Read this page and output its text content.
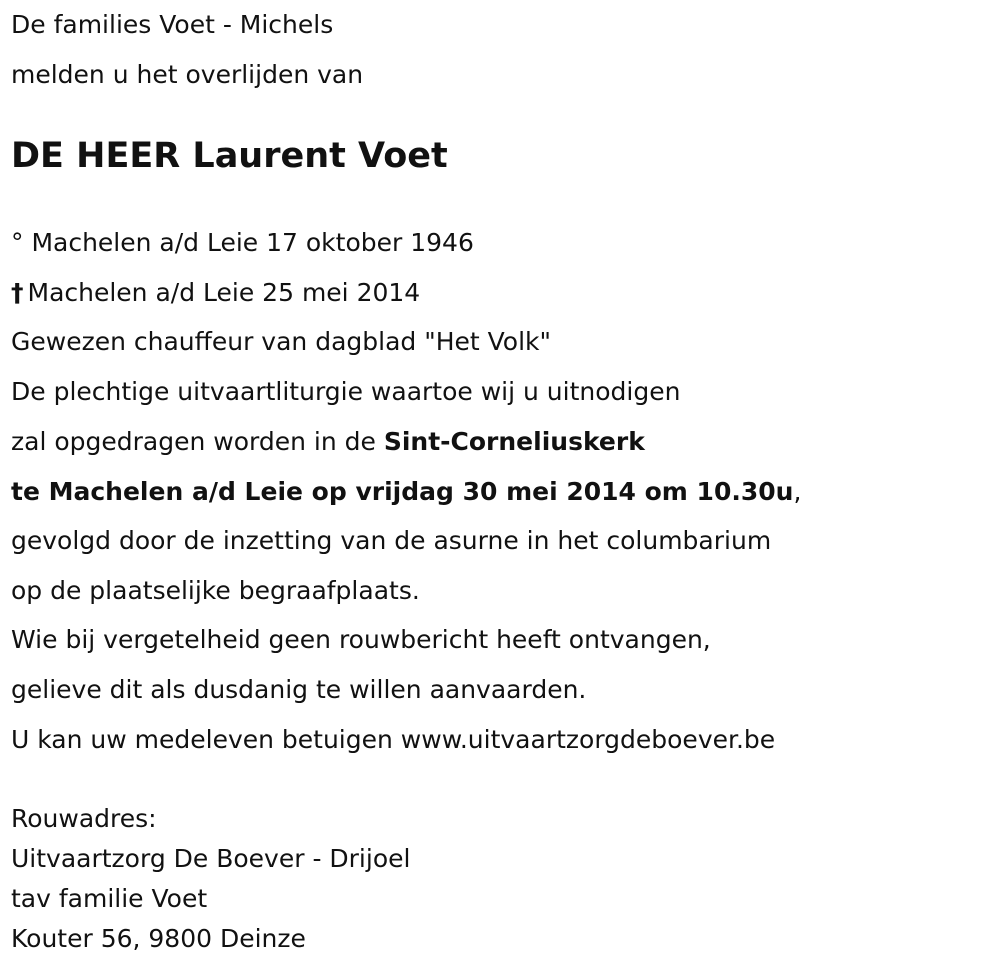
De families Voet - Michels
melden u het overlijden van
DE HEER Laurent Voet
° Machelen a/d Leie 17 oktober 1946
† Machelen a/d Leie 25 mei 2014
Gewezen chauffeur van dagblad "Het Volk"
De plechtige uitvaartliturgie waartoe wij u uitnodigen
zal opgedragen worden in de Sint-Corneliuskerk
te Machelen a/d Leie op vrijdag 30 mei 2014 om 10.30u,
gevolgd door de inzetting van de asurne in het columbarium
op de plaatselijke begraafplaats.
Wie bij vergetelheid geen rouwbericht heeft ontvangen,
gelieve dit als dusdanig te willen aanvaarden.
U kan uw medeleven betuigen www.uitvaartzorgdeboever.be
Rouwadres:
Uitvaartzorg De Boever - Drijoel
tav familie Voet
Kouter 56, 9800 Deinze
